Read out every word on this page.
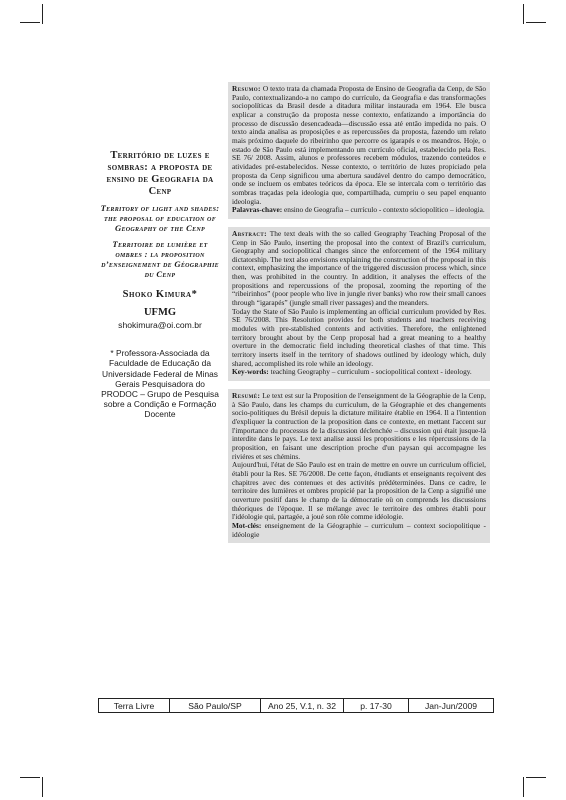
Território de luzes e sombras: a proposta de ensino de Geografia da Cenp
Territory of light and shades: the proposal of education of Geography of the Cenp
Territoire de lumière et ombres : la proposition d’enseignement de Géographie du Cenp
Shoko Kimura*
UFMG
shokimura@oi.com.br
* Professora-Associada da Faculdade de Educação da Universidade Federal de Minas Gerais Pesquisadora do PRODOC – Grupo de Pesquisa sobre a Condição e Formação Docente

Resumo: O texto trata da chamada Proposta de Ensino de Geografia da Cenp, de São Paulo, contextualizando-a no campo do currículo, da Geografia e das transformações sociopolíticas da Brasil desde a ditadura militar instaurada em 1964. Ele busca explicar a construção da proposta nesse contexto, enfatizando a importância do processo de discussão desencadeada—discussão essa até então impedida no país. O texto ainda analisa as proposições e as repercussões da proposta, fazendo um relato mais próximo daquele do ribeirinho que percorre os igarapés e os meandros. Hoje, o estado de São Paulo está implementando um currículo oficial, estabelecido pela Res. SE 76/ 2008. Assim, alunos e professores recebem módulos, trazendo conteúdos e atividades pré-estabelecidos. Nesse contexto, o território de luzes propiciado pela proposta da Cenp significou uma abertura saudável dentro do campo democrático, onde se incluem os embates teóricos da época. Ele se intercala com o território das sombras traçadas pela ideologia que, compartilhada, cumpriu o seu papel enquanto ideologia.

Palavras-chave: ensino de Geografia – currículo - contexto sóciopolítico – ideologia.

Abstract: The text deals with the so called Geography Teaching Proposal of the Cenp in São Paulo, inserting the proposal into the context of Brazil's curriculum, Geography and sociopolitical changes since the enforcement of the 1964 military dictatorship. The text also envisions explaining the construction of the proposal in this context, emphasizing the importance of the triggered discussion process which, since then, was prohibited in the country. In addition, it analyses the effects of the propositions and repercussions of the proposal, zooming the reporting of the “ribeirinhos” (poor people who live in jungle river banks) who row their small canoes through “igarapés” (jungle small river passages) and the meanders.

Today the State of São Paulo is implementing an official curriculum provided by Res. SE 76/2008. This Resolution provides for both students and teachers receiving modules with pre-stablished contents and activities. Therefore, the enlightened territory brought about by the Cenp proposal had a great meaning to a healthy overture in the democratic field including theoretical clashes of that time. This territory inserts itself in the territory of shadows outlined by ideology which, duly shared, accomplished its role while an ideology.

Key-words: teaching Geography – curriculum - sociopolitical context - ideology.

Resumé: Le text est sur la Proposition de l'enseignment de la Géographie de la Cenp, à São Paulo, dans les champs du curriculum, de la Géographie et des changements socio-politiques du Brésil depuis la dictature militaire établie en 1964. Il a l'intention d'expliquer la contruction de la proposition dans ce contexte, en mettant l'accent sur l'importance du processus de la discussion déclenchée – discussion qui était jusque-là interdite dans le pays. Le text analise aussi les propositions e les répercussions de la proposition, en faisant une description proche d'un paysan qui accompagne les riviéres et ses chémins.

Aujourd'hui, l'état de São Paulo est en train de mettre en ouvre un curriculum officiel, établi pour la Res. SE 76/2008. De cette façon, étudiants et enseignants reçoivent des chapitres avec des contenues et des activités prédéterminées. Dans ce cadre, le territoire des lumières et ombres propicié par la proposition de la Cenp a signifié une ouverture positif dans le champ de la démocratie où on comprends les discussions théoriques de l'époque. Il se mélange avec le territoire des ombres établi pour l'idéologie qui, partagée, a joué son rôle comme idéologie.

Mot-clés: enseignement de la Géographie – curriculum – context sociopolitique -idéologie

Terra Livre	São Paulo/SP	Ano 25, V.1, n. 32	p. 17-30	Jan-Jun/2009
